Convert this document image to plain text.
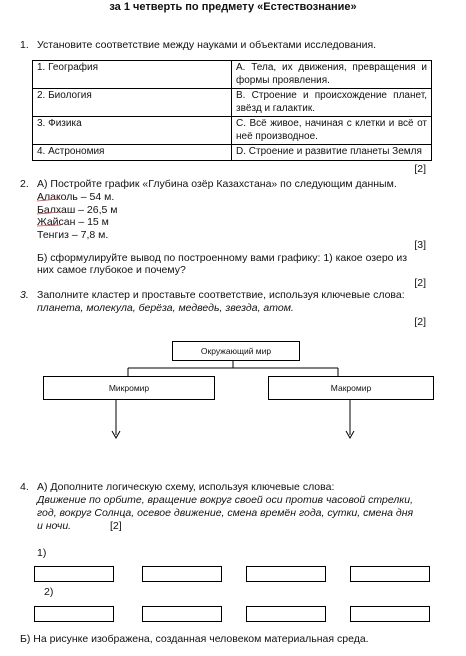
за 1 четверть по предмету «Естествознание»
1. Установите соответствие между науками и объектами исследования.
1. География	A. Тела, их движения, превращения и формы проявления.
2. Биология	B. Строение и происхождение планет, звёзд и галактик.
3. Физика	C. Всё живое, начиная с клетки и всё от неё производное.
4. Астрономия	D. Строение и развитие планеты Земля
[2]
2. А) Постройте график «Глубина озёр Казахстана» по следующим данным.
Алаколь – 54 м.
Балхаш – 26,5 м
Жайсан – 15 м
Тенгиз – 7,8 м.
[3]
Б) сформулируйте вывод по построенному вами графику: 1) какое озеро из
них самое глубокое и почему?
[2]
3. Заполните кластер и проставьте соответствие, используя ключевые слова:
планета, молекула, берёза, медведь, звезда, атом.
[2]
Окружающий мир
Микромир	Макромир
4. А) Дополните логическую схему, используя ключевые слова:
Движение по орбите, вращение вокруг своей оси против часовой стрелки,
год, вокруг Солнца, осевое движение, смена времён года, сутки, смена дня
и ночи.	[2]
1)
2)
Б) На рисунке изображена, созданная человеком материальная среда.
